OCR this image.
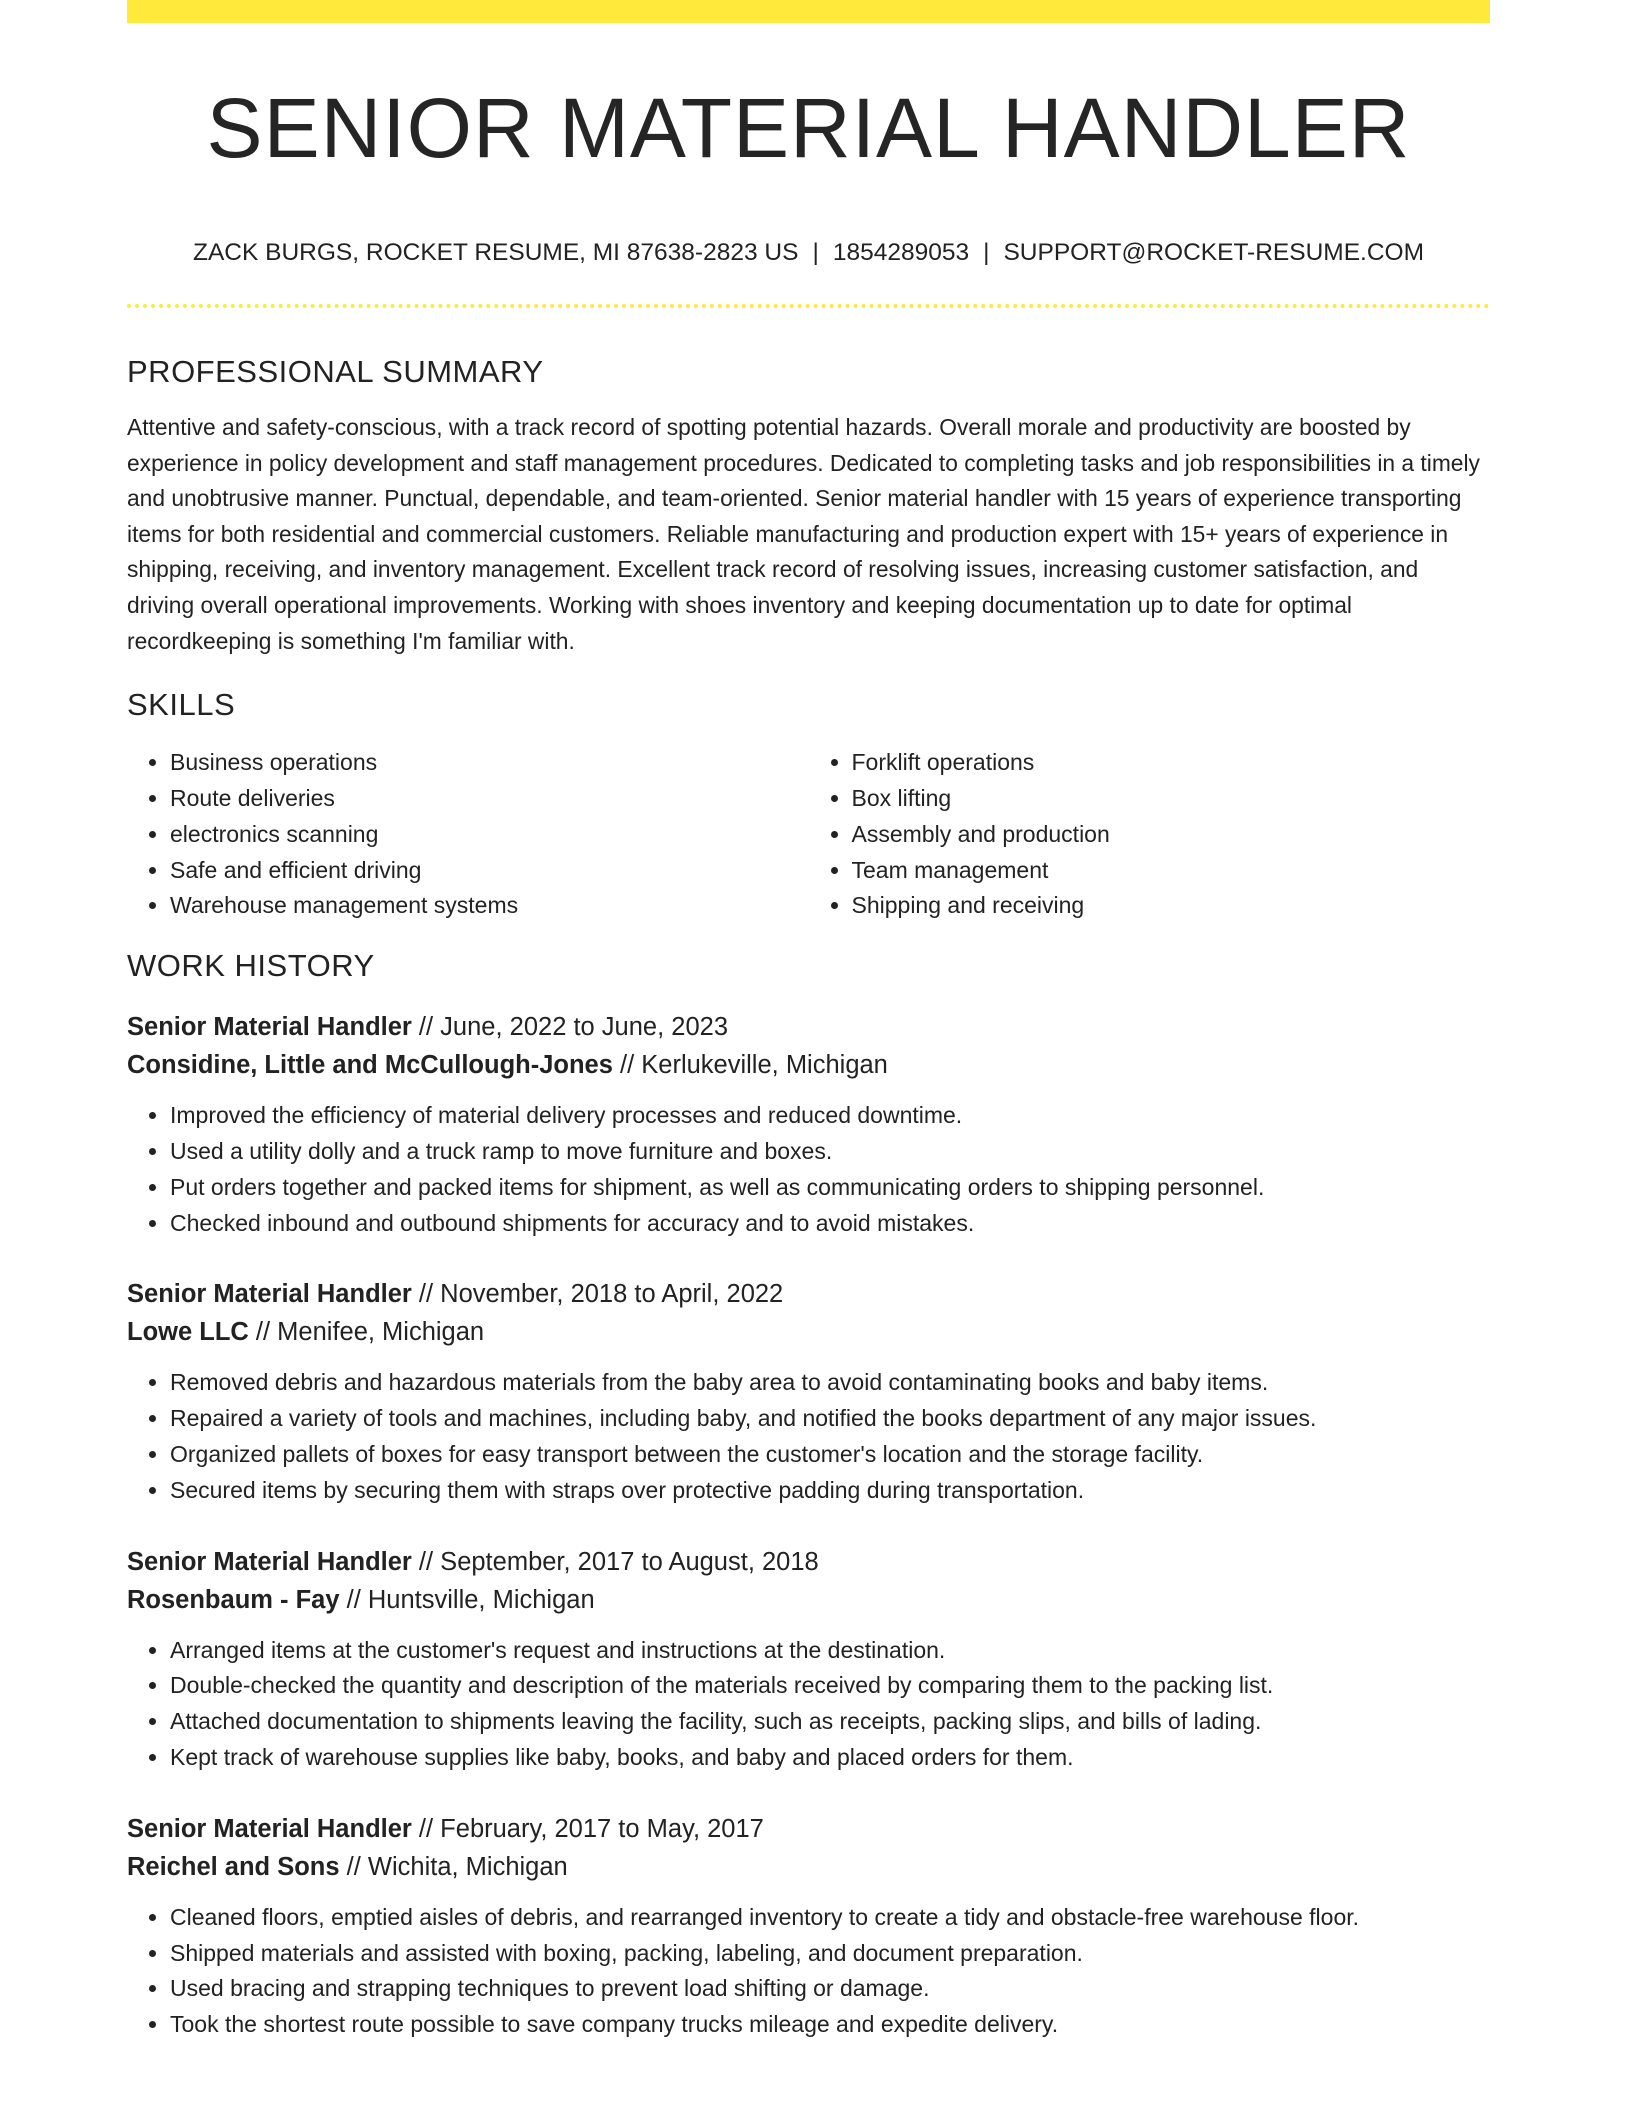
SENIOR MATERIAL HANDLER
ZACK BURGS, ROCKET RESUME, MI 87638-2823 US | 1854289053 | SUPPORT@ROCKET-RESUME.COM
PROFESSIONAL SUMMARY

Attentive and safety-conscious, with a track record of spotting potential hazards. Overall morale and productivity are boosted by experience in policy development and staff management procedures. Dedicated to completing tasks and job responsibilities in a timely and unobtrusive manner. Punctual, dependable, and team-oriented. Senior material handler with 15 years of experience transporting items for both residential and commercial customers. Reliable manufacturing and production expert with 15+ years of experience in shipping, receiving, and inventory management. Excellent track record of resolving issues, increasing customer satisfaction, and driving overall operational improvements. Working with shoes inventory and keeping documentation up to date for optimal recordkeeping is something I'm familiar with.

SKILLS
• Business operations
• Route deliveries
• electronics scanning
• Safe and efficient driving
• Warehouse management systems
• Forklift operations
• Box lifting
• Assembly and production
• Team management
• Shipping and receiving
WORK HISTORY
Senior Material Handler // June, 2022 to June, 2023
Considine, Little and McCullough-Jones // Kerlukeville, Michigan
• Improved the efficiency of material delivery processes and reduced downtime.
• Used a utility dolly and a truck ramp to move furniture and boxes.
• Put orders together and packed items for shipment, as well as communicating orders to shipping personnel.
• Checked inbound and outbound shipments for accuracy and to avoid mistakes.
Senior Material Handler // November, 2018 to April, 2022
Lowe LLC // Menifee, Michigan
• Removed debris and hazardous materials from the baby area to avoid contaminating books and baby items.
• Repaired a variety of tools and machines, including baby, and notified the books department of any major issues.
• Organized pallets of boxes for easy transport between the customer's location and the storage facility.
• Secured items by securing them with straps over protective padding during transportation.
Senior Material Handler // September, 2017 to August, 2018
Rosenbaum - Fay // Huntsville, Michigan
• Arranged items at the customer's request and instructions at the destination.
• Double-checked the quantity and description of the materials received by comparing them to the packing list.
• Attached documentation to shipments leaving the facility, such as receipts, packing slips, and bills of lading.
• Kept track of warehouse supplies like baby, books, and baby and placed orders for them.
Senior Material Handler // February, 2017 to May, 2017
Reichel and Sons // Wichita, Michigan
• Cleaned floors, emptied aisles of debris, and rearranged inventory to create a tidy and obstacle-free warehouse floor.
• Shipped materials and assisted with boxing, packing, labeling, and document preparation.
• Used bracing and strapping techniques to prevent load shifting or damage.
• Took the shortest route possible to save company trucks mileage and expedite delivery.
